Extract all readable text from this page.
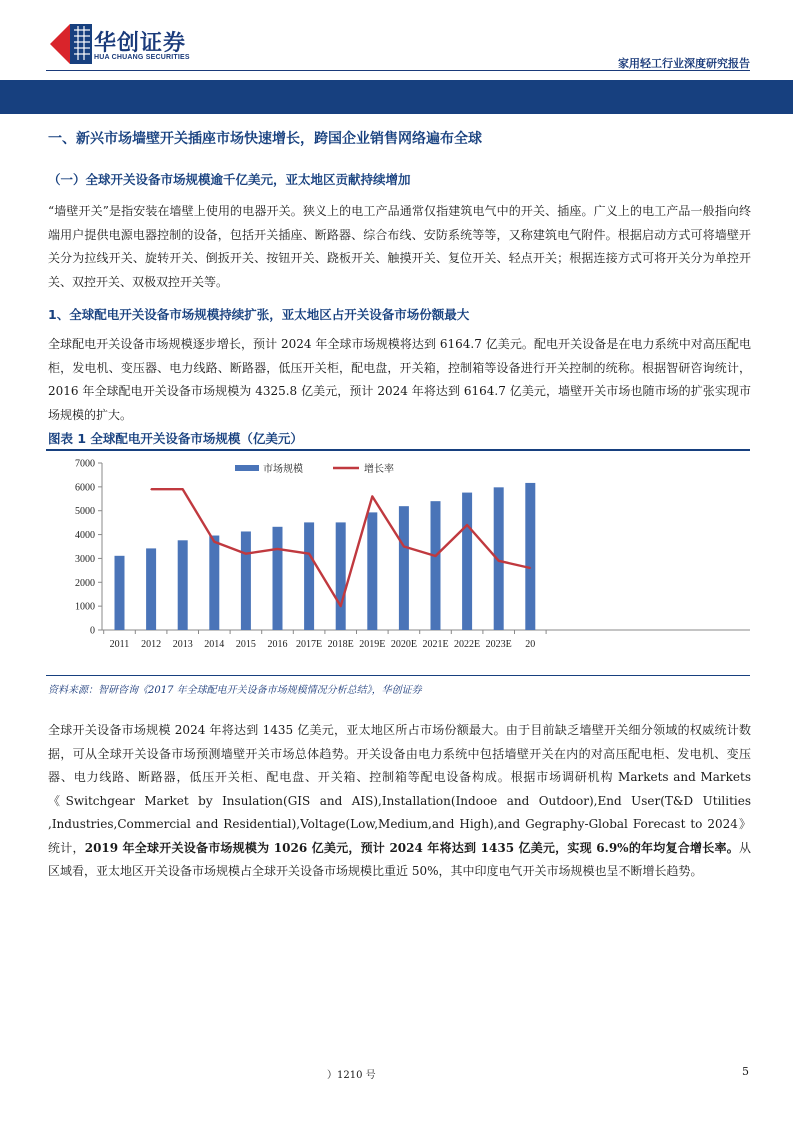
华创证券
HUA CHUANG SECURITIES	家用轻工行业深度研究报告
一、新兴市场墙壁开关插座市场快速增长，跨国企业销售网络遍布全球
（一）全球开关设备市场规模逾千亿美元，亚太地区贡献持续增加

“墙壁开关”是指安装在墙壁上使用的电器开关。狭义上的电工产品通常仅指建筑电气中的开关、插座。广义上的电工产品一般指向终端用户提供电源电器控制的设备，包括开关插座、断路器、综合布线、安防系统等等，又称建筑电气附件。根据启动方式可将墙壁开关分为拉线开关、旋转开关、倒扳开关、按钮开关、跷板开关、触摸开关、复位开关、轻点开关；根据连接方式可将开关分为单控开关、双控开关、双极双控开关等。

1、全球配电开关设备市场规模持续扩张，亚太地区占开关设备市场份额最大

全球配电开关设备市场规模逐步增长，预计 2024 年全球市场规模将达到 6164.7 亿美元。配电开关设备是在电力系统中对高压配电柜，发电机、变压器、电力线路、断路器，低压开关柜，配电盘，开关箱，控制箱等设备进行开关控制的统称。根据智研咨询统计，2016 年全球配电开关设备市场规模为 4325.8 亿美元，预计 2024 年将达到 6164.7 亿美元，墙壁开关市场也随市场的扩张实现市场规模的扩大。

图表 1 全球配电开关设备市场规模（亿美元）
0
1000
2000
3000
4000
5000
6000
7000
2011 2012 2013 2014 2015 2016 2017E 2018E 2019E 2020E 2021E 2022E 2023E 20
市场规模	增长率
资料来源：智研咨询《2017 年全球配电开关设备市场规模情况分析总结》，华创证券

全球开关设备市场规模 2024 年将达到 1435 亿美元，亚太地区所占市场份额最大。由于目前缺乏墙壁开关细分领域的权威统计数据，可从全球开关设备市场预测墙壁开关市场总体趋势。开关设备由电力系统中包括墙壁开关在内的对高压配电柜、发电机、变压器、电力线路、断路器，低压开关柜、配电盘、开关箱、控制箱等配电设备构成。根据市场调研机构 Markets and Markets《Switchgear Market by Insulation(GIS and AIS),Installation(Indooe and Outdoor),End User(T&D Utilities ,Industries,Commercial and Residential),Voltage(Low,Medium,and High),and Gegraphy-Global Forecast to 2024》统计，2019 年全球开关设备市场规模为 1026 亿美元，预计 2024 年将达到 1435 亿美元，实现 6.9%的年均复合增长率。从区域看，亚太地区开关设备市场规模占全球开关设备市场规模比重近 50%，其中印度电气开关市场规模也呈不断增长趋势。

）1210 号	5
